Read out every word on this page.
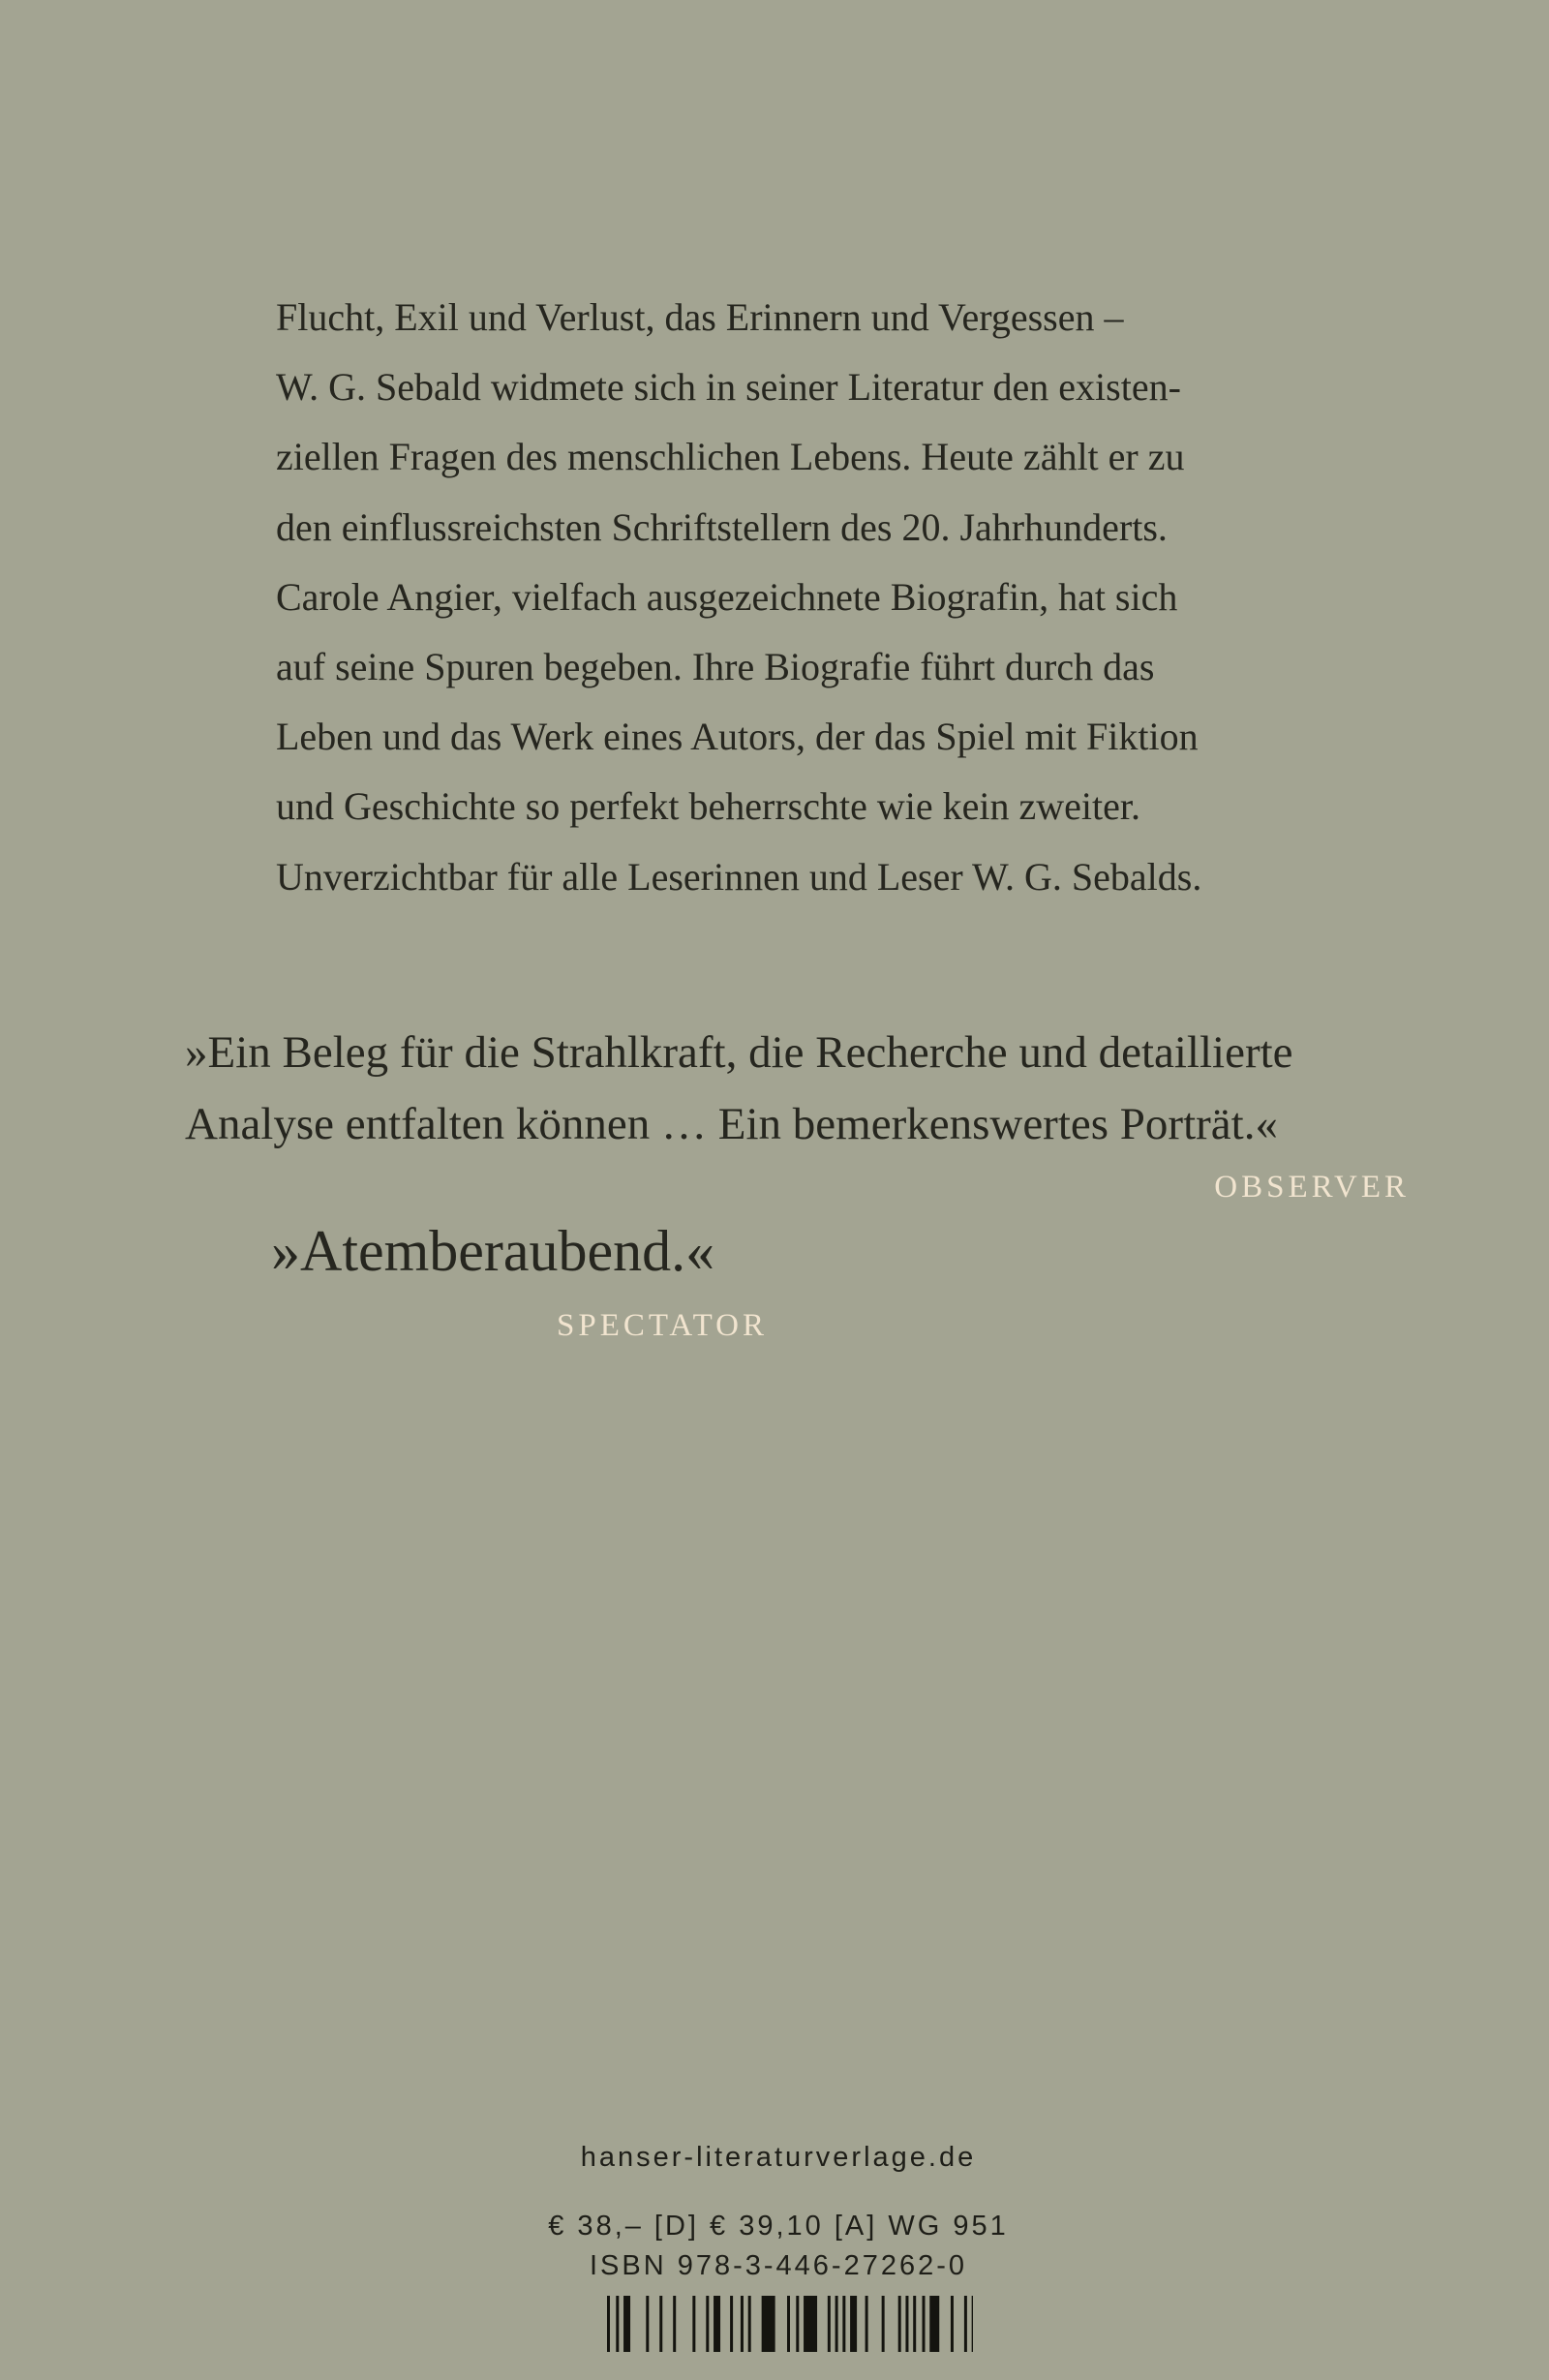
Flucht, Exil und Verlust, das Erinnern und Vergessen –
W. G. Sebald widmete sich in seiner Literatur den existen-
ziellen Fragen des menschlichen Lebens. Heute zählt er zu
den einflussreichsten Schriftstellern des 20. Jahrhunderts.
Carole Angier, vielfach ausgezeichnete Biografin, hat sich
auf seine Spuren begeben. Ihre Biografie führt durch das
Leben und das Werk eines Autors, der das Spiel mit Fiktion
und Geschichte so perfekt beherrschte wie kein zweiter.
Unverzichtbar für alle Leserinnen und Leser W. G. Sebalds.
»Ein Beleg für die Strahlkraft, die Recherche und detaillierte
Analyse entfalten können … Ein bemerkenswertes Porträt.«
OBSERVER
»Atemberaubend.«
SPECTATOR
hanser-literaturverlage.de
€ 38,– [D] € 39,10 [A] WG 951
ISBN 978-3-446-27262-0
